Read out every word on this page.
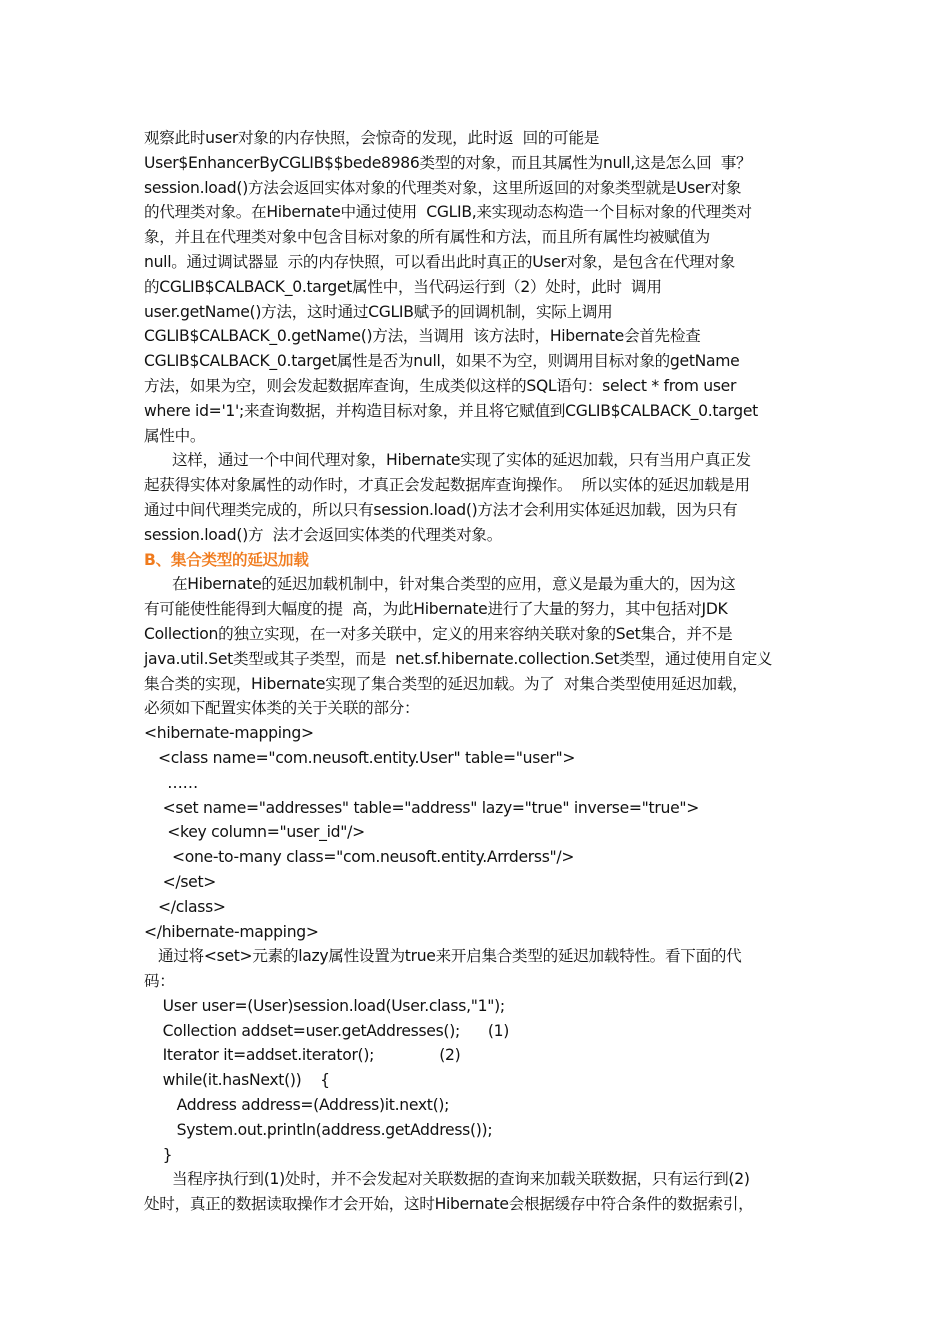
观察此时user对象的内存快照，会惊奇的发现，此时返  回的可能是
User$EnhancerByCGLIB$$bede8986类型的对象，而且其属性为null,这是怎么回  事？
session.load()方法会返回实体对象的代理类对象，这里所返回的对象类型就是User对象
的代理类对象。在Hibernate中通过使用  CGLIB,来实现动态构造一个目标对象的代理类对
象，并且在代理类对象中包含目标对象的所有属性和方法，而且所有属性均被赋值为
null。通过调试器显  示的内存快照，可以看出此时真正的User对象，是包含在代理对象
的CGLIB$CALBACK_0.target属性中，当代码运行到（2）处时，此时  调用
user.getName()方法，这时通过CGLIB赋予的回调机制，实际上调用
CGLIB$CALBACK_0.getName()方法，当调用  该方法时，Hibernate会首先检查
CGLIB$CALBACK_0.target属性是否为null，如果不为空，则调用目标对象的getName
方法，如果为空，则会发起数据库查询，生成类似这样的SQL语句：select * from user
where id='1';来查询数据，并构造目标对象，并且将它赋值到CGLIB$CALBACK_0.target
属性中。
这样，通过一个中间代理对象，Hibernate实现了实体的延迟加载，只有当用户真正发
起获得实体对象属性的动作时，才真正会发起数据库查询操作。  所以实体的延迟加载是用
通过中间代理类完成的，所以只有session.load()方法才会利用实体延迟加载，因为只有
session.load()方  法才会返回实体类的代理类对象。
B、集合类型的延迟加载
在Hibernate的延迟加载机制中，针对集合类型的应用，意义是最为重大的，因为这
有可能使性能得到大幅度的提  高，为此Hibernate进行了大量的努力，其中包括对JDK
Collection的独立实现，在一对多关联中，定义的用来容纳关联对象的Set集合，并不是
java.util.Set类型或其子类型，而是  net.sf.hibernate.collection.Set类型，通过使用自定义
集合类的实现，Hibernate实现了集合类型的延迟加载。为了  对集合类型使用延迟加载，
必须如下配置实体类的关于关联的部分：
<hibernate-mapping>
<class name="com.neusoft.entity.User" table="user">
……
<set name="addresses" table="address" lazy="true" inverse="true">
<key column="user_id"/>
<one-to-many class="com.neusoft.entity.Arrderss"/>
</set>
</class>
</hibernate-mapping>
通过将<set>元素的lazy属性设置为true来开启集合类型的延迟加载特性。看下面的代
码：
User user=(User)session.load(User.class,"1");
Collection addset=user.getAddresses();      (1)
Iterator it=addset.iterator();              (2)
while(it.hasNext())    {
Address address=(Address)it.next();
System.out.println(address.getAddress());
}
当程序执行到(1)处时，并不会发起对关联数据的查询来加载关联数据，只有运行到(2)
处时，真正的数据读取操作才会开始，这时Hibernate会根据缓存中符合条件的数据索引，
